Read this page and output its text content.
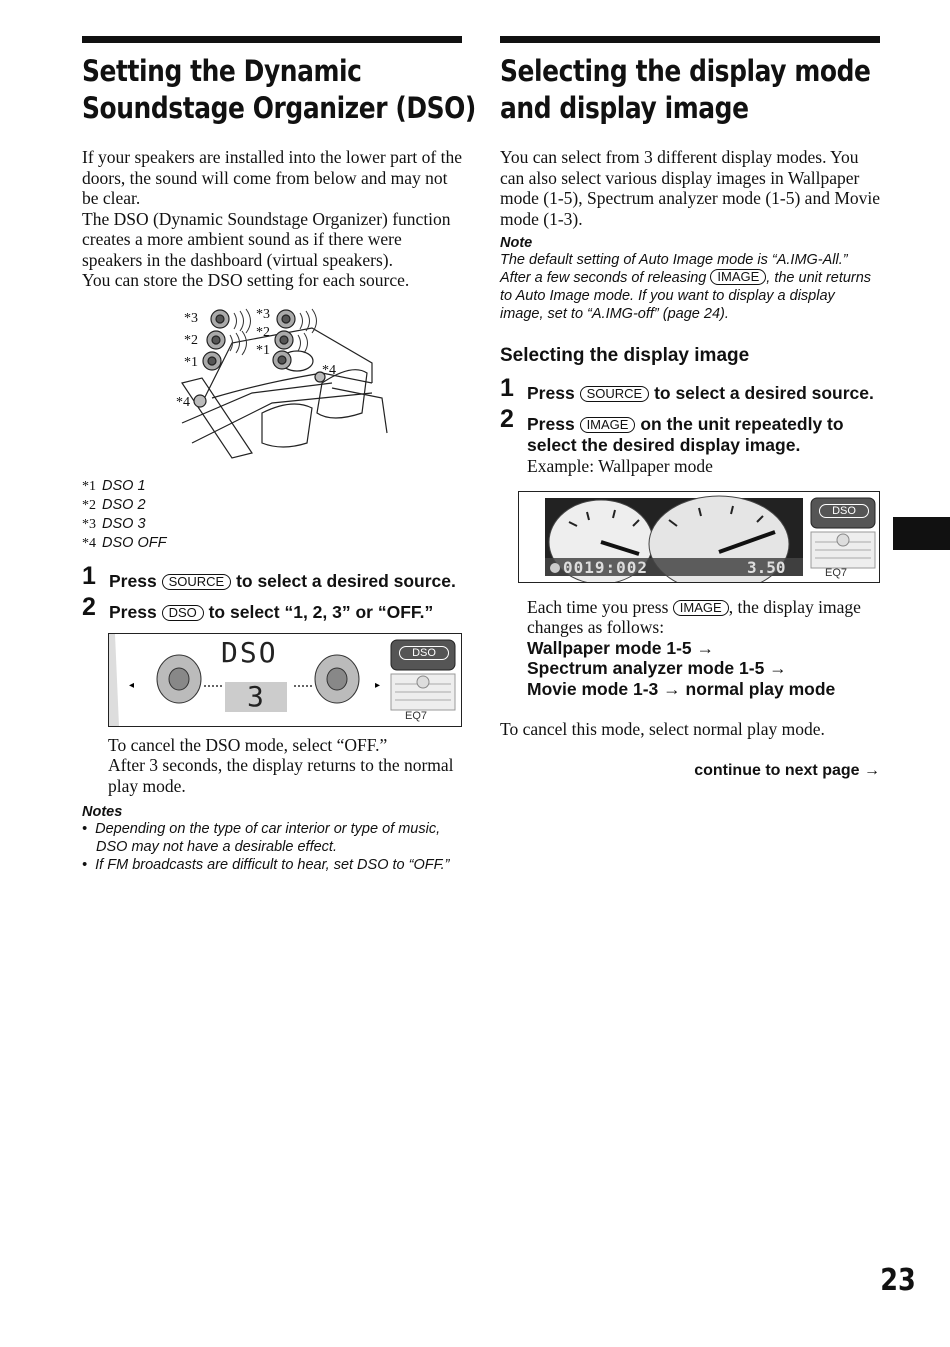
Setting the Dynamic
Soundstage Organizer (DSO)

If your speakers are installed into the lower part of the doors, the sound will come from below and may not be clear.

The DSO (Dynamic Soundstage Organizer) function creates a more ambient sound as if there were speakers in the dashboard (virtual speakers).

You can store the DSO setting for each source.

*3
*2
*1
*3
*2
*1
*4
*4
*1 DSO 1
*2 DSO 2
*3 DSO 3
*4 DSO OFF
1 Press SOURCE to select a desired source.
2 Press DSO to select “1, 2, 3” or “OFF.”
◂	▸
DSO
3
DSO
EQ7

To cancel the DSO mode, select “OFF.”

After 3 seconds, the display returns to the normal play mode.

Notes
•  Depending on the type of car interior or type of music, DSO may not have a desirable effect.
•  If FM broadcasts are difficult to hear, set DSO to “OFF.”
Selecting the display mode
and display image
You can select from 3 different display modes. You can also select various display images in Wallpaper mode (1-5), Spectrum analyzer mode (1-5) and Movie mode (1-3).
Note
The default setting of Auto Image mode is “A.IMG-All.” After a few seconds of releasing IMAGE , the unit returns to Auto Image mode. If you want to display a display image, set to “A.IMG-off” (page 24).
Selecting the display image
1 Press SOURCE to select a desired source.
2 Press IMAGE on the unit repeatedly to select the desired display image.
Example: Wallpaper mode
0019:002	3.50
DSO
EQ7
Each time you press IMAGE , the display image changes as follows:
Wallpaper mode 1-5 →
Spectrum analyzer mode 1-5 →
Movie mode 1-3 → normal play mode
To cancel this mode, select normal play mode.
continue to next page →
23
